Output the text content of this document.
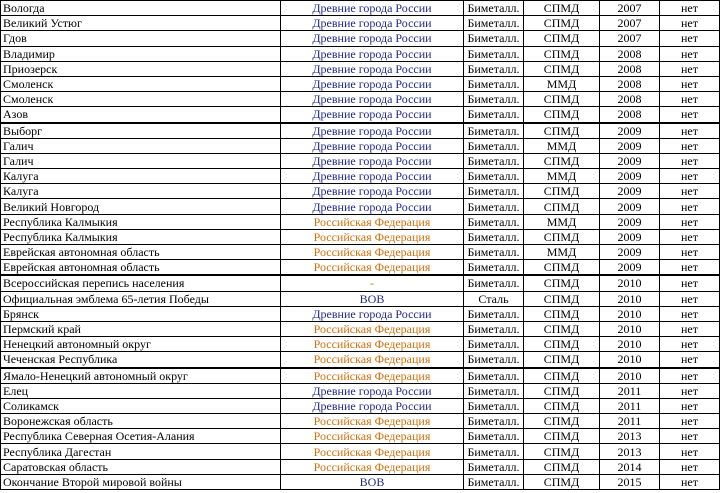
Вологда	Древние города России	Биметалл.	СПМД	2007	нет
Великий Устюг	Древние города России	Биметалл.	СПМД	2007	нет
Гдов	Древние города России	Биметалл.	СПМД	2007	нет
Владимир	Древние города России	Биметалл.	СПМД	2008	нет
Приозерск	Древние города России	Биметалл.	СПМД	2008	нет
Смоленск	Древние города России	Биметалл.	ММД	2008	нет
Смоленск	Древние города России	Биметалл.	СПМД	2008	нет
Азов	Древние города России	Биметалл.	СПМД	2008	нет
Выборг	Древние города России	Биметалл.	СПМД	2009	нет
Галич	Древние города России	Биметалл.	ММД	2009	нет
Галич	Древние города России	Биметалл.	СПМД	2009	нет
Калуга	Древние города России	Биметалл.	ММД	2009	нет
Калуга	Древние города России	Биметалл.	СПМД	2009	нет
Великий Новгород	Древние города России	Биметалл.	СПМД	2009	нет
Республика Калмыкия	Российская Федерация	Биметалл.	ММД	2009	нет
Республика Калмыкия	Российская Федерация	Биметалл.	СПМД	2009	нет
Еврейская автономная область	Российская Федерация	Биметалл.	ММД	2009	нет
Еврейская автономная область	Российская Федерация	Биметалл.	СПМД	2009	нет
Всероссийская перепись населения	-	Биметалл.	СПМД	2010	нет
Официальная эмблема 65-летия Победы	ВОВ	Сталь	СПМД	2010	нет
Брянск	Древние города России	Биметалл.	СПМД	2010	нет
Пермский край	Российская Федерация	Биметалл.	СПМД	2010	нет
Ненецкий автономный округ	Российская Федерация	Биметалл.	СПМД	2010	нет
Чеченская Республика	Российская Федерация	Биметалл.	СПМД	2010	нет
Ямало-Ненецкий автономный округ	Российская Федерация	Биметалл.	СПМД	2010	нет
Елец	Древние города России	Биметалл.	СПМД	2011	нет
Соликамск	Древние города России	Биметалл.	СПМД	2011	нет
Воронежская область	Российская Федерация	Биметалл.	СПМД	2011	нет
Республика Северная Осетия-Алания	Российская Федерация	Биметалл.	СПМД	2013	нет
Республика Дагестан	Российская Федерация	Биметалл.	СПМД	2013	нет
Саратовская область	Российская Федерация	Биметалл.	СПМД	2014	нет
Окончание Второй мировой войны	ВОВ	Биметалл.	СПМД	2015	нет
